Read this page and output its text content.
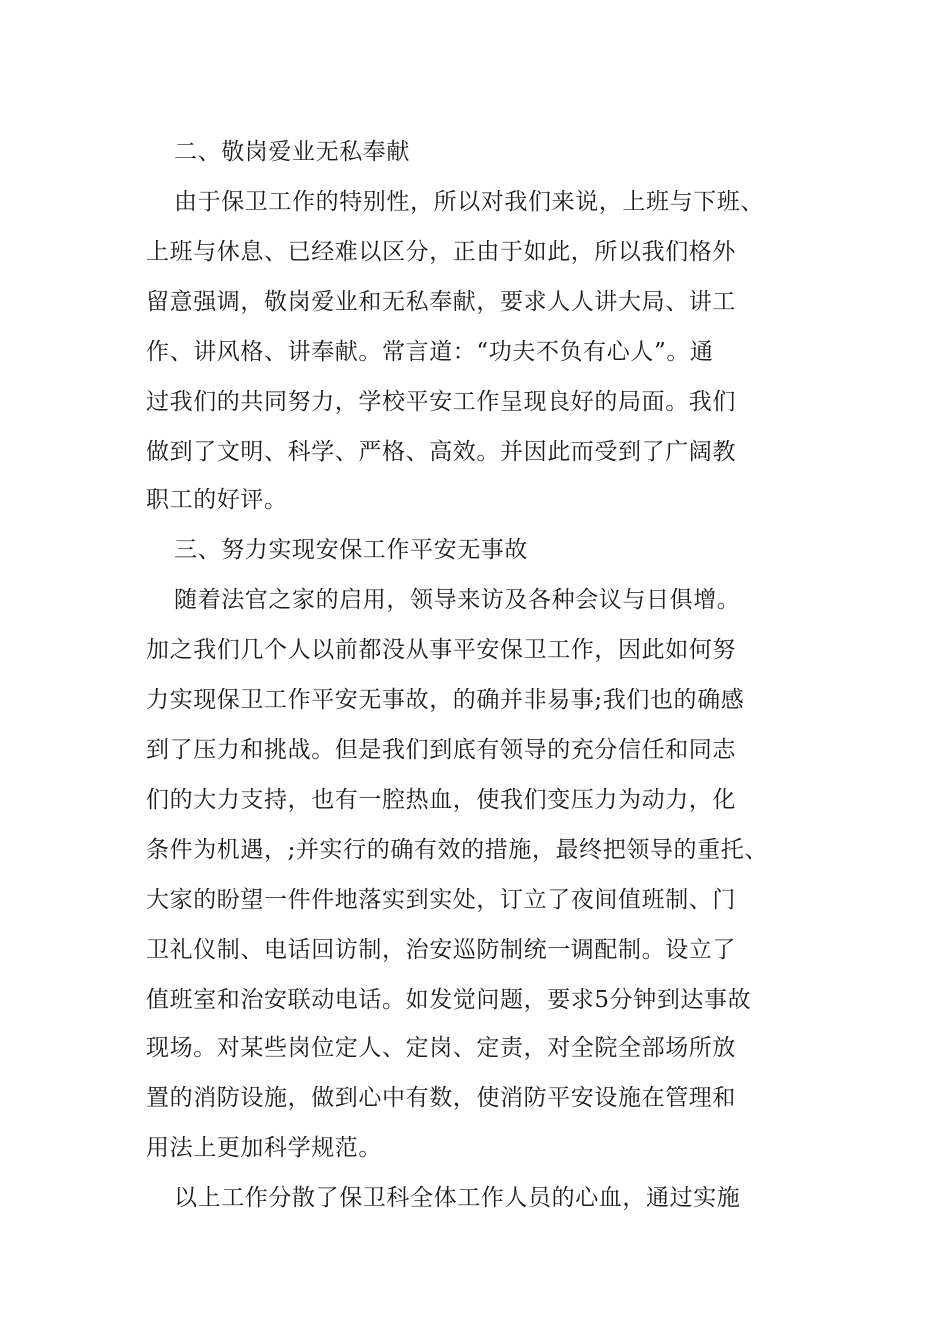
二、敬岗爱业无私奉献
由于保卫工作的特别性，所以对我们来说，上班与下班、
上班与休息、已经难以区分，正由于如此，所以我们格外
留意强调，敬岗爱业和无私奉献，要求人人讲大局、讲工
作、讲风格、讲奉献。常言道：“功夫不负有心人”。通
过我们的共同努力，学校平安工作呈现良好的局面。我们
做到了文明、科学、严格、高效。并因此而受到了广阔教
职工的好评。
三、努力实现安保工作平安无事故
随着法官之家的启用，领导来访及各种会议与日俱增。
加之我们几个人以前都没从事平安保卫工作，因此如何努
力实现保卫工作平安无事故，的确并非易事;我们也的确感
到了压力和挑战。但是我们到底有领导的充分信任和同志
们的大力支持，也有一腔热血，使我们变压力为动力，化
条件为机遇，;并实行的确有效的措施，最终把领导的重托、
大家的盼望一件件地落实到实处，订立了夜间值班制、门
卫礼仪制、电话回访制，治安巡防制统一调配制。设立了
值班室和治安联动电话。如发觉问题，要求5分钟到达事故
现场。对某些岗位定人、定岗、定责，对全院全部场所放
置的消防设施，做到心中有数，使消防平安设施在管理和
用法上更加科学规范。
以上工作分散了保卫科全体工作人员的心血，通过实施
